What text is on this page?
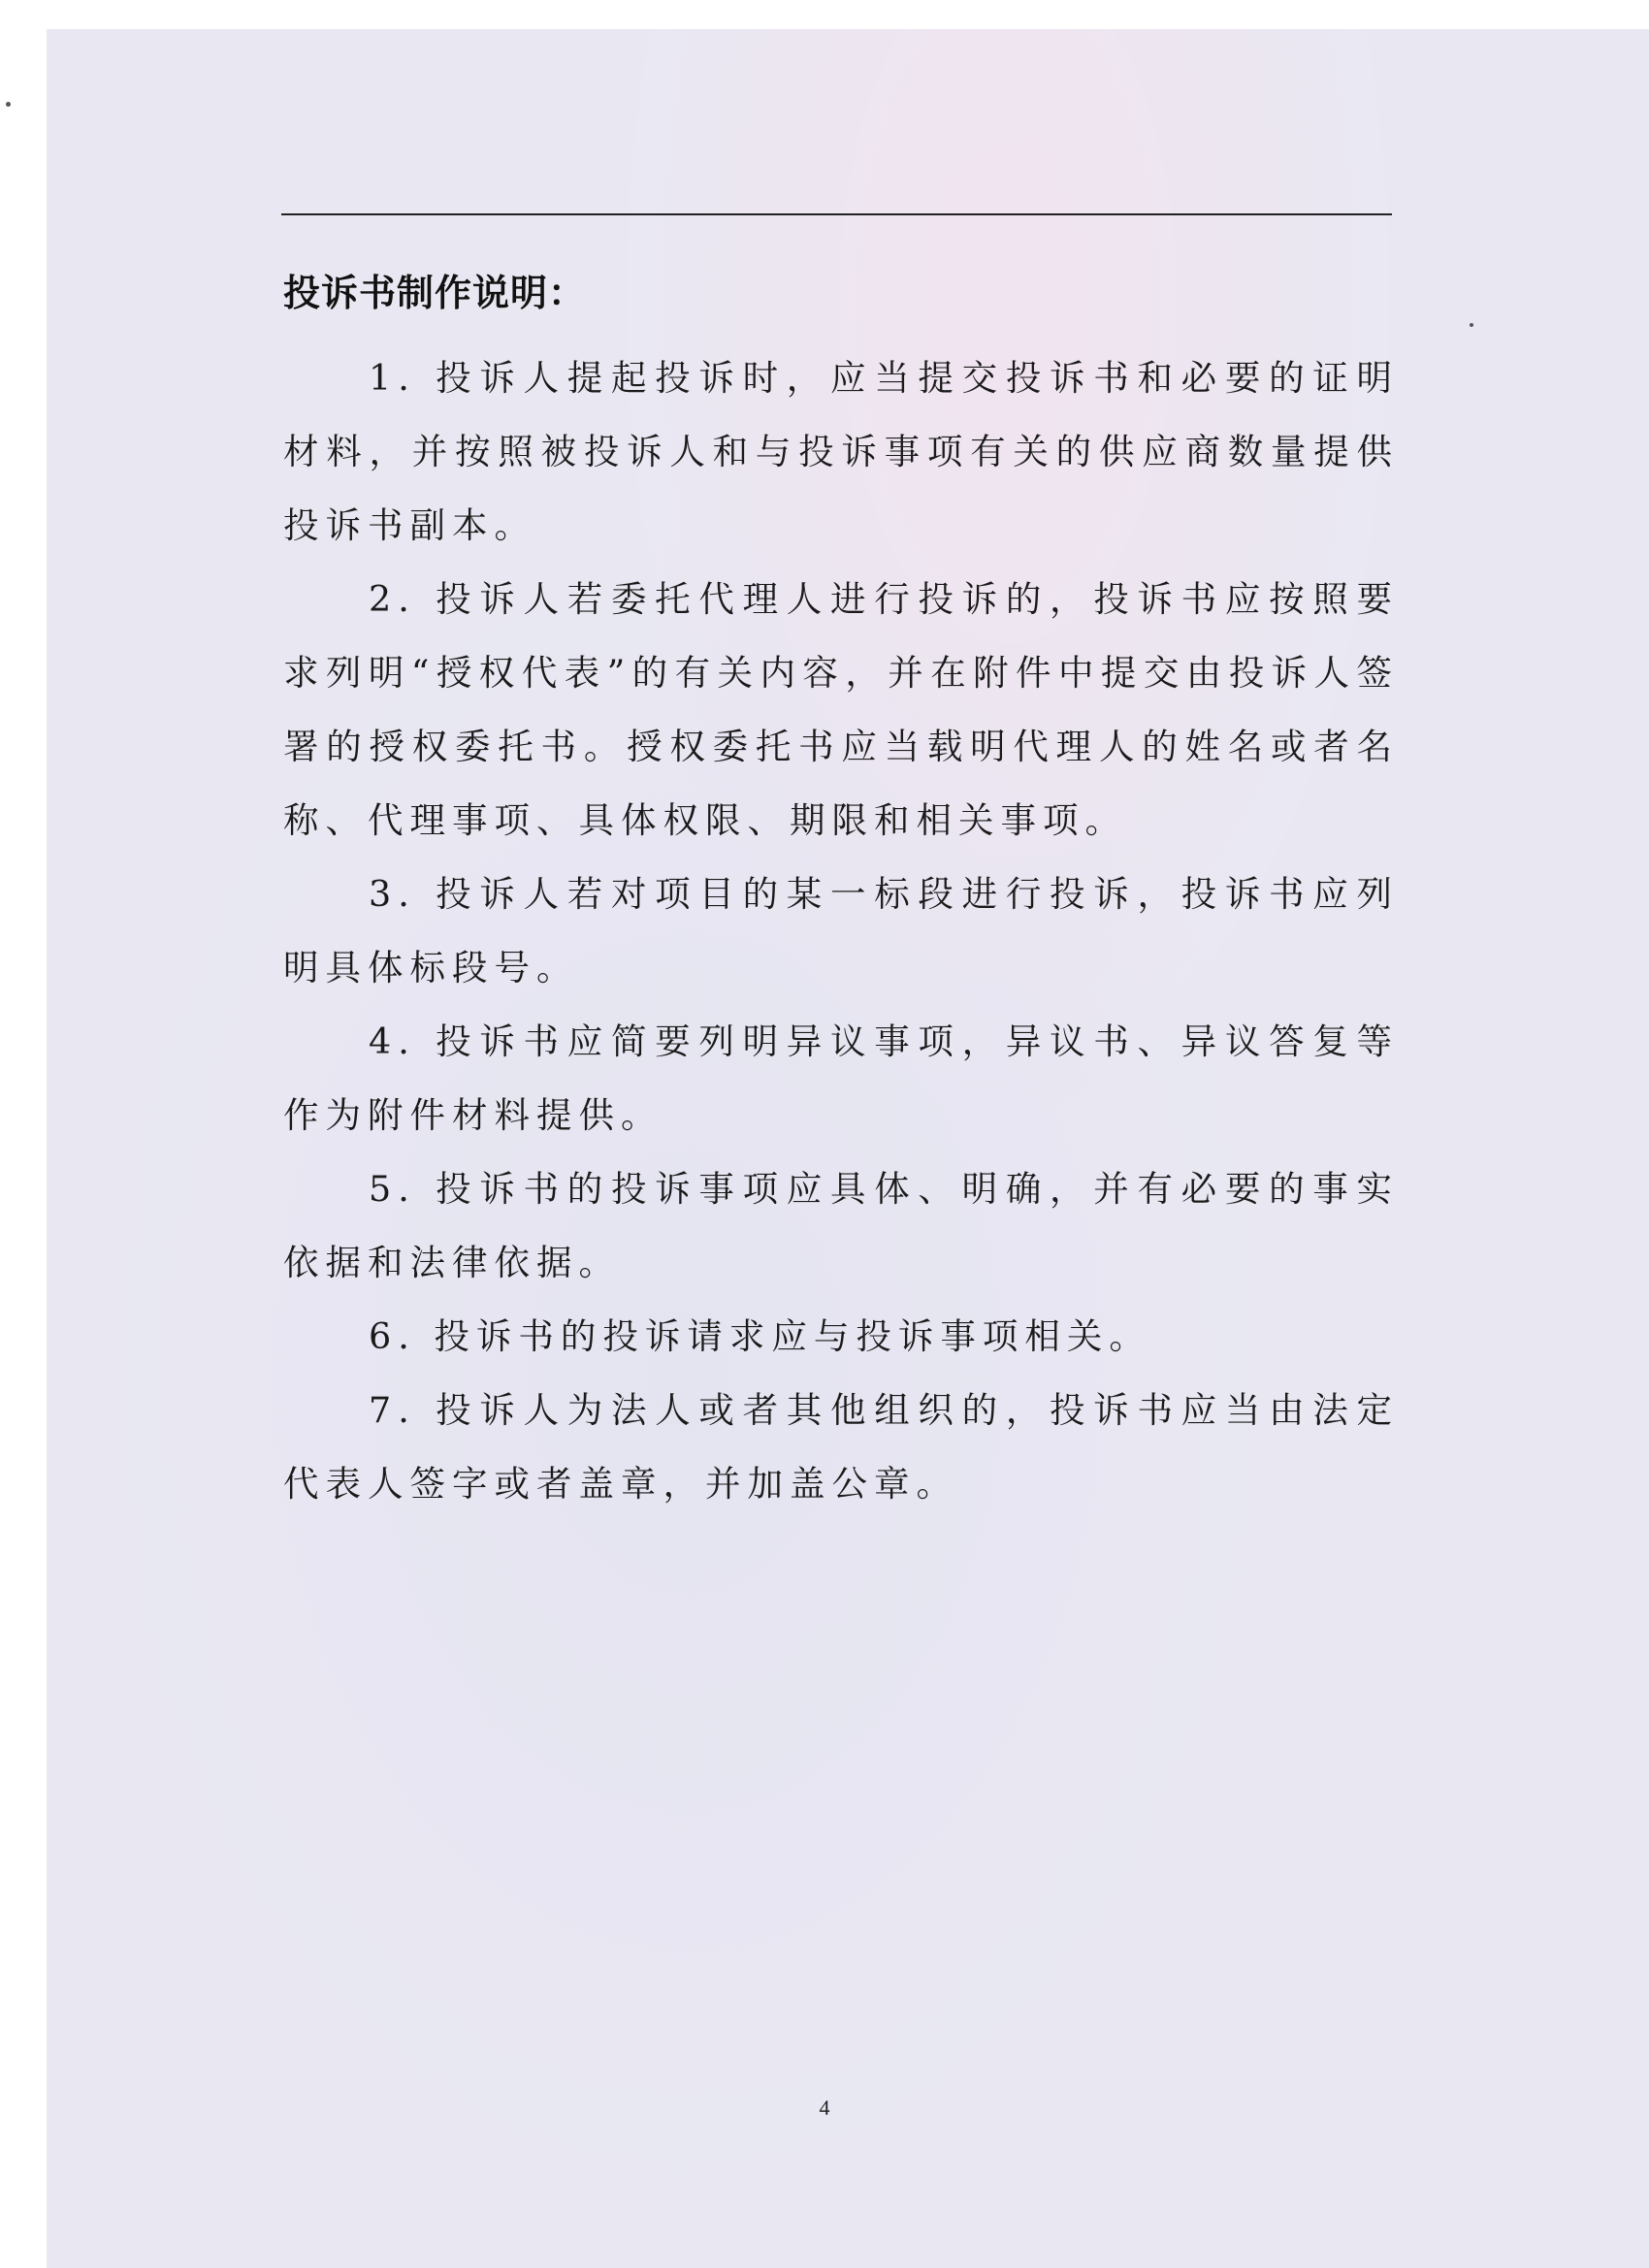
投诉书制作说明：

1. 投诉人提起投诉时，应当提交投诉书和必要的证明材料，并按照被投诉人和与投诉事项有关的供应商数量提供投诉书副本。

2. 投诉人若委托代理人进行投诉的，投诉书应按照要求列明“授权代表”的有关内容，并在附件中提交由投诉人签署的授权委托书。授权委托书应当载明代理人的姓名或者名称、代理事项、具体权限、期限和相关事项。

3. 投诉人若对项目的某一标段进行投诉，投诉书应列明具体标段号。

4. 投诉书应简要列明异议事项，异议书、异议答复等作为附件材料提供。

5. 投诉书的投诉事项应具体、明确，并有必要的事实依据和法律依据。

6. 投诉书的投诉请求应与投诉事项相关。

7. 投诉人为法人或者其他组织的，投诉书应当由法定代表人签字或者盖章，并加盖公章。

4
